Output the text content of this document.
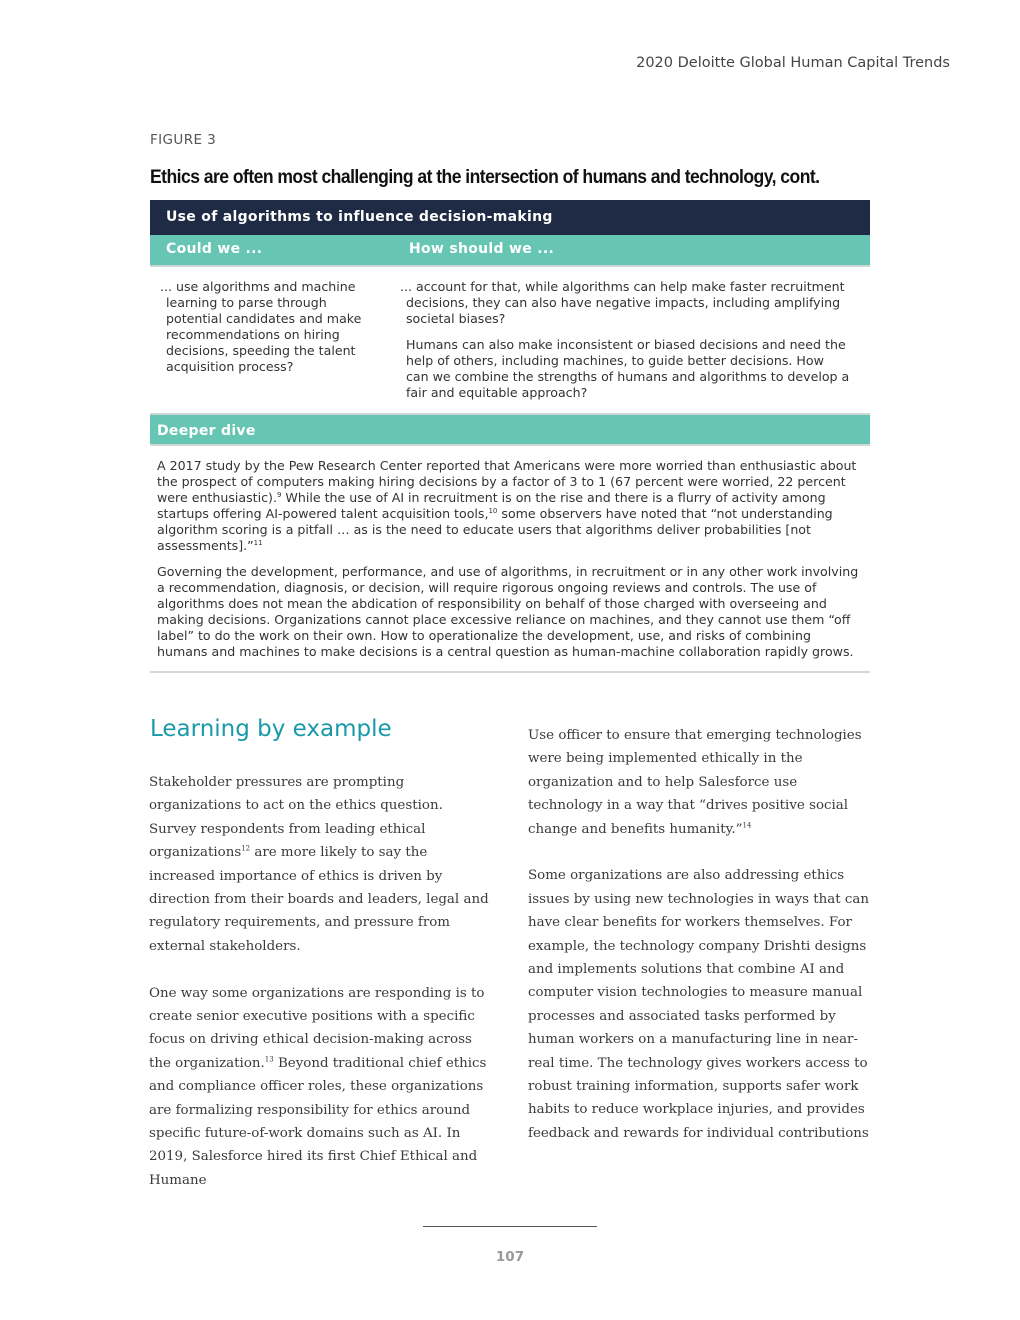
2020 Deloitte Global Human Capital Trends
FIGURE 3
Ethics are often most challenging at the intersection of humans and technology, cont.
Use of algorithms to influence decision-making
Could we ...	How should we ...

... use algorithms and machine learning to parse through potential candidates and make recommendations on hiring decisions, speeding the talent acquisition process?

... account for that, while algorithms can help make faster recruitment decisions, they can also have negative impacts, including amplifying societal biases?

Humans can also make inconsistent or biased decisions and need the help of others, including machines, to guide better decisions. How can we combine the strengths of humans and algorithms to develop a fair and equitable approach?

Deeper dive

A 2017 study by the Pew Research Center reported that Americans were more worried than enthusiastic about the prospect of computers making hiring decisions by a factor of 3 to 1 (67 percent were worried, 22 percent were enthusiastic).$^9$ While the use of AI in recruitment is on the rise and there is a flurry of activity among startups offering AI-powered talent acquisition tools,$^{10}$ some observers have noted that “not understanding algorithm scoring is a pitfall … as is the need to educate users that algorithms deliver probabilities [not assessments].”$^{11}$

Governing the development, performance, and use of algorithms, in recruitment or in any other work involving a recommendation, diagnosis, or decision, will require rigorous ongoing reviews and controls. The use of algorithms does not mean the abdication of responsibility on behalf of those charged with overseeing and making decisions. Organizations cannot place excessive reliance on machines, and they cannot use them “off label” to do the work on their own. How to operationalize the development, use, and risks of combining humans and machines to make decisions is a central question as human-machine collaboration rapidly grows.

Learning by example

Stakeholder pressures are prompting organizations to act on the ethics question. Survey respondents from leading ethical organizations$^{12}$ are more likely to say the increased importance of ethics is driven by direction from their boards and leaders, legal and regulatory requirements, and pressure from external stakeholders.

One way some organizations are responding is to create senior executive positions with a specific focus on driving ethical decision-making across the organization.$^{13}$ Beyond traditional chief ethics and compliance officer roles, these organizations are formalizing responsibility for ethics around specific future-of-work domains such as AI. In 2019, Salesforce hired its first Chief Ethical and Humane

Use officer to ensure that emerging technologies were being implemented ethically in the organization and to help Salesforce use technology in a way that “drives positive social change and benefits humanity.”$^{14}$

Some organizations are also addressing ethics issues by using new technologies in ways that can have clear benefits for workers themselves. For example, the technology company Drishti designs and implements solutions that combine AI and computer vision technologies to measure manual processes and associated tasks performed by human workers on a manufacturing line in near-real time. The technology gives workers access to robust training information, supports safer work habits to reduce workplace injuries, and provides feedback and rewards for individual contributions

107
